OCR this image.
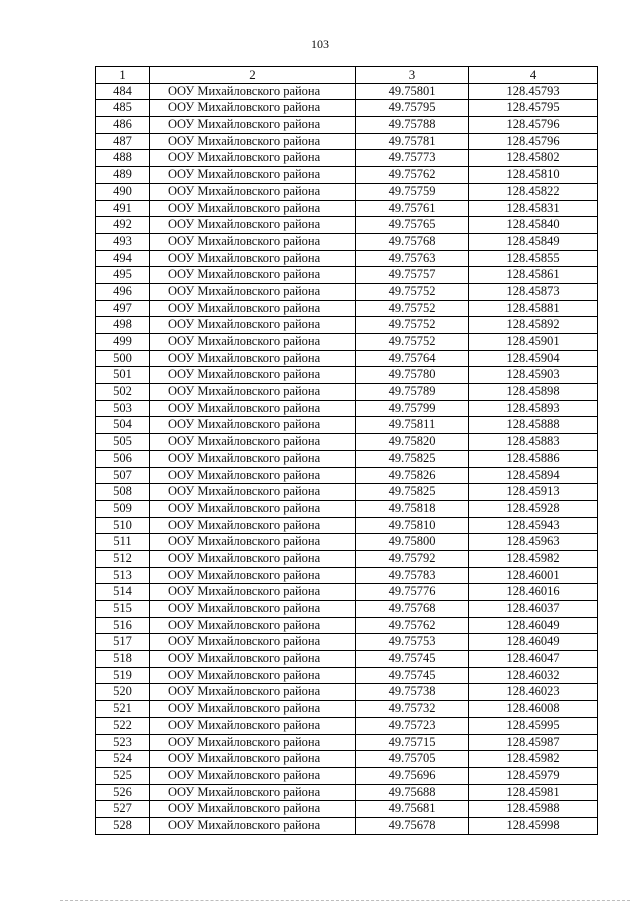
103
1	2	3	4
484	ООУ Михайловского района	49.75801	128.45793
485	ООУ Михайловского района	49.75795	128.45795
486	ООУ Михайловского района	49.75788	128.45796
487	ООУ Михайловского района	49.75781	128.45796
488	ООУ Михайловского района	49.75773	128.45802
489	ООУ Михайловского района	49.75762	128.45810
490	ООУ Михайловского района	49.75759	128.45822
491	ООУ Михайловского района	49.75761	128.45831
492	ООУ Михайловского района	49.75765	128.45840
493	ООУ Михайловского района	49.75768	128.45849
494	ООУ Михайловского района	49.75763	128.45855
495	ООУ Михайловского района	49.75757	128.45861
496	ООУ Михайловского района	49.75752	128.45873
497	ООУ Михайловского района	49.75752	128.45881
498	ООУ Михайловского района	49.75752	128.45892
499	ООУ Михайловского района	49.75752	128.45901
500	ООУ Михайловского района	49.75764	128.45904
501	ООУ Михайловского района	49.75780	128.45903
502	ООУ Михайловского района	49.75789	128.45898
503	ООУ Михайловского района	49.75799	128.45893
504	ООУ Михайловского района	49.75811	128.45888
505	ООУ Михайловского района	49.75820	128.45883
506	ООУ Михайловского района	49.75825	128.45886
507	ООУ Михайловского района	49.75826	128.45894
508	ООУ Михайловского района	49.75825	128.45913
509	ООУ Михайловского района	49.75818	128.45928
510	ООУ Михайловского района	49.75810	128.45943
511	ООУ Михайловского района	49.75800	128.45963
512	ООУ Михайловского района	49.75792	128.45982
513	ООУ Михайловского района	49.75783	128.46001
514	ООУ Михайловского района	49.75776	128.46016
515	ООУ Михайловского района	49.75768	128.46037
516	ООУ Михайловского района	49.75762	128.46049
517	ООУ Михайловского района	49.75753	128.46049
518	ООУ Михайловского района	49.75745	128.46047
519	ООУ Михайловского района	49.75745	128.46032
520	ООУ Михайловского района	49.75738	128.46023
521	ООУ Михайловского района	49.75732	128.46008
522	ООУ Михайловского района	49.75723	128.45995
523	ООУ Михайловского района	49.75715	128.45987
524	ООУ Михайловского района	49.75705	128.45982
525	ООУ Михайловского района	49.75696	128.45979
526	ООУ Михайловского района	49.75688	128.45981
527	ООУ Михайловского района	49.75681	128.45988
528	ООУ Михайловского района	49.75678	128.45998
